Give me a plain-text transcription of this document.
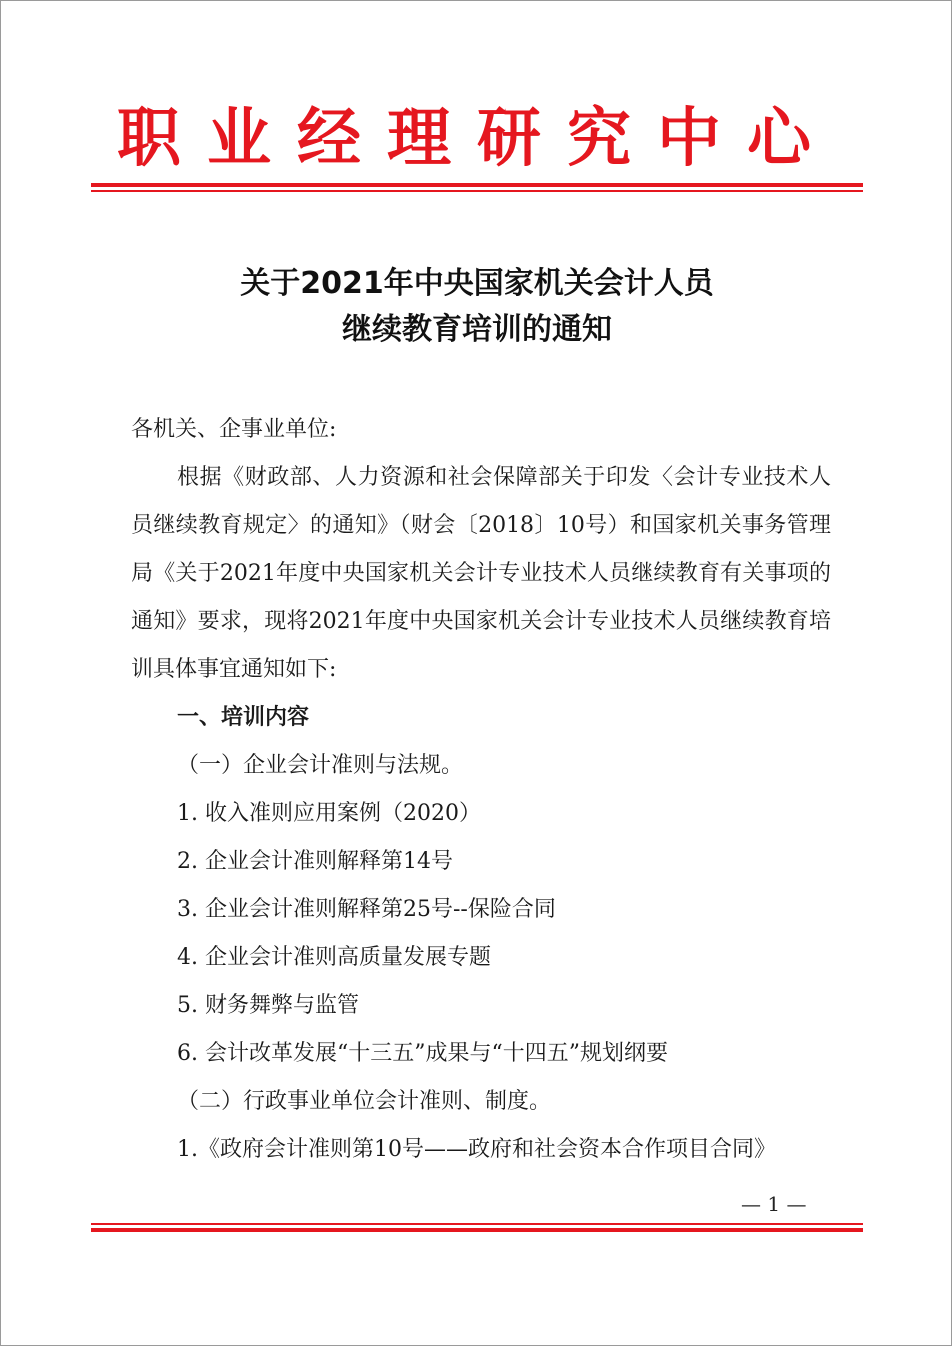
职业经理研究中心
关于2021年中央国家机关会计人员
继续教育培训的通知
各机关、企事业单位:
根据《财政部、人力资源和社会保障部关于印发〈会计专业技术人员继续教育规定〉的通知》（财会〔2018〕10号）和国家机关事务管理局《关于2021年度中央国家机关会计专业技术人员继续教育有关事项的通知》要求，现将2021年度中央国家机关会计专业技术人员继续教育培训具体事宜通知如下:
一、培训内容
（一）企业会计准则与法规。
1. 收入准则应用案例（2020）
2. 企业会计准则解释第14号
3. 企业会计准则解释第25号--保险合同
4. 企业会计准则高质量发展专题
5. 财务舞弊与监管
6. 会计改革发展“十三五”成果与“十四五”规划纲要
（二）行政事业单位会计准则、制度。
1.《政府会计准则第10号——政府和社会资本合作项目合同》
— 1 —
